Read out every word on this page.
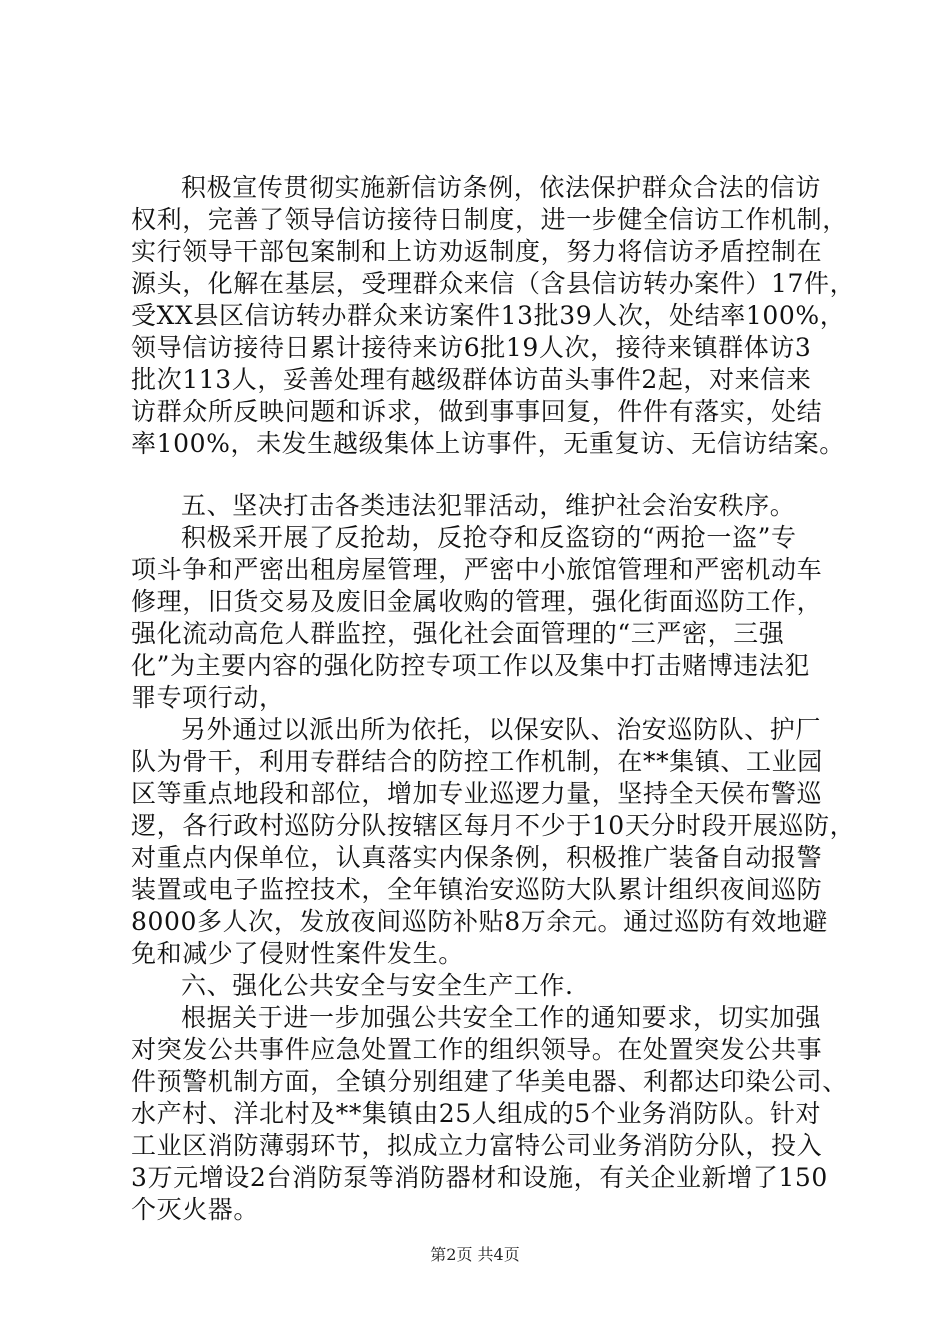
积极宣传贯彻实施新信访条例，依法保护群众合法的信访
权利，完善了领导信访接待日制度，进一步健全信访工作机制，
实行领导干部包案制和上访劝返制度，努力将信访矛盾控制在
源头，化解在基层，受理群众来信（含县信访转办案件）17件，
受XX县区信访转办群众来访案件13批39人次，处结率100%，
领导信访接待日累计接待来访6批19人次，接待来镇群体访3
批次113人，妥善处理有越级群体访苗头事件2起，对来信来
访群众所反映问题和诉求，做到事事回复，件件有落实，处结
率100%，未发生越级集体上访事件，无重复访、无信访结案。
五、坚决打击各类违法犯罪活动，维护社会治安秩序。
积极采开展了反抢劫，反抢夺和反盗窃的“两抢一盗”专
项斗争和严密出租房屋管理，严密中小旅馆管理和严密机动车
修理，旧货交易及废旧金属收购的管理，强化街面巡防工作，
强化流动高危人群监控，强化社会面管理的“三严密，三强
化”为主要内容的强化防控专项工作以及集中打击赌博违法犯
罪专项行动，
另外通过以派出所为依托，以保安队、治安巡防队、护厂
队为骨干，利用专群结合的防控工作机制，在**集镇、工业园
区等重点地段和部位，增加专业巡逻力量，坚持全天侯布警巡
逻，各行政村巡防分队按辖区每月不少于10天分时段开展巡防，
对重点内保单位，认真落实内保条例，积极推广装备自动报警
装置或电子监控技术，全年镇治安巡防大队累计组织夜间巡防
8000多人次，发放夜间巡防补贴8万余元。通过巡防有效地避
免和减少了侵财性案件发生。
六、强化公共安全与安全生产工作.
根据关于进一步加强公共安全工作的通知要求，切实加强
对突发公共事件应急处置工作的组织领导。在处置突发公共事
件预警机制方面，全镇分别组建了华美电器、利都达印染公司、
水产村、洋北村及**集镇由25人组成的5个业务消防队。针对
工业区消防薄弱环节，拟成立力富特公司业务消防分队，投入
3万元增设2台消防泵等消防器材和设施，有关企业新增了150
个灭火器。
第2页 共4页
